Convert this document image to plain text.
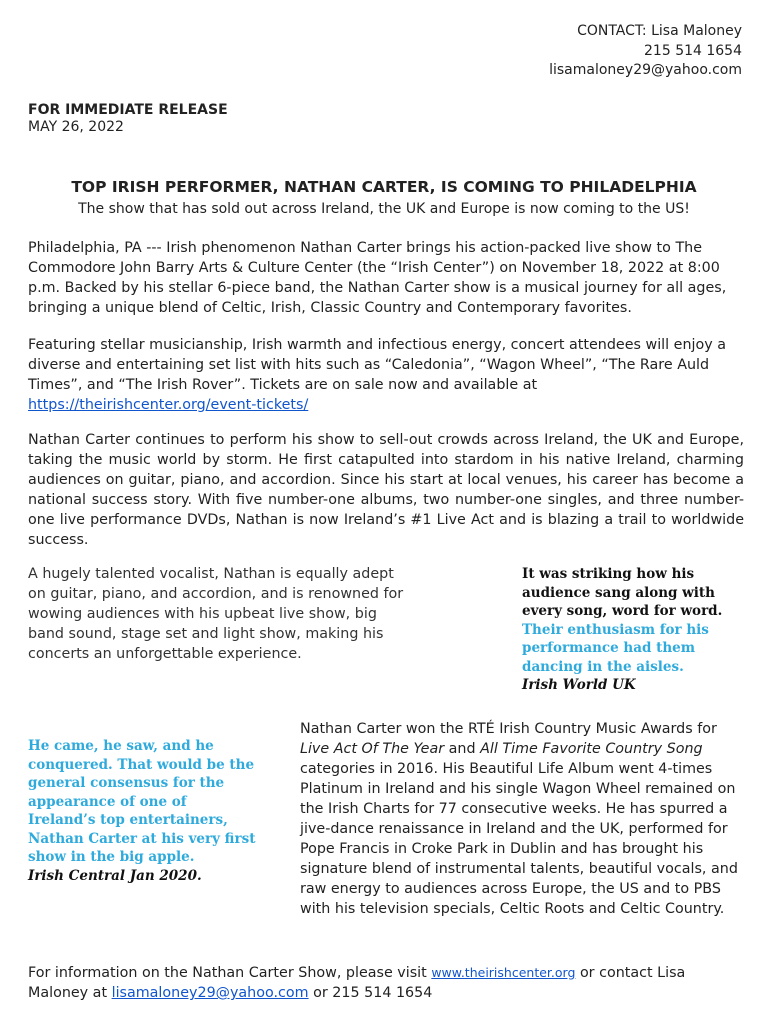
CONTACT: Lisa Maloney
215 514 1654
lisamaloney29@yahoo.com
FOR IMMEDIATE RELEASE
MAY 26, 2022
TOP IRISH PERFORMER, NATHAN CARTER, IS COMING TO PHILADELPHIA
The show that has sold out across Ireland, the UK and Europe is now coming to the US!

Philadelphia, PA --- Irish phenomenon Nathan Carter brings his action-packed live show to The Commodore John Barry Arts & Culture Center (the “Irish Center”) on November 18, 2022 at 8:00 p.m. Backed by his stellar 6-piece band, the Nathan Carter show is a musical journey for all ages, bringing a unique blend of Celtic, Irish, Classic Country and Contemporary favorites.

Featuring stellar musicianship, Irish warmth and infectious energy, concert attendees will enjoy a diverse and entertaining set list with hits such as “Caledonia”, “Wagon Wheel”, “The Rare Auld Times”, and “The Irish Rover”. Tickets are on sale now and available at
https://theirishcenter.org/event-tickets/

Nathan Carter continues to perform his show to sell-out crowds across Ireland, the UK and Europe, taking the music world by storm. He first catapulted into stardom in his native Ireland, charming audiences on guitar, piano, and accordion. Since his start at local venues, his career has become a national success story. With five number-one albums, two number-one singles, and three number-one live performance DVDs, Nathan is now Ireland’s #1 Live Act and is blazing a trail to worldwide success.

A hugely talented vocalist, Nathan is equally adept on guitar, piano, and accordion, and is renowned for wowing audiences with his upbeat live show, big band sound, stage set and light show, making his concerts an unforgettable experience.

It was striking how his audience sang along with every song, word for word. Their enthusiasm for his performance had them dancing in the aisles.
Irish World UK
He came, he saw, and he conquered. That would be the general consensus for the appearance of one of Ireland’s top entertainers, Nathan Carter at his very first show in the big apple.
Irish Central Jan 2020.

Nathan Carter won the RTÉ Irish Country Music Awards for Live Act Of The Year and All Time Favorite Country Song categories in 2016. His Beautiful Life Album went 4-times Platinum in Ireland and his single Wagon Wheel remained on the Irish Charts for 77 consecutive weeks. He has spurred a jive-dance renaissance in Ireland and the UK, performed for Pope Francis in Croke Park in Dublin and has brought his signature blend of instrumental talents, beautiful vocals, and raw energy to audiences across Europe, the US and to PBS with his television specials, Celtic Roots and Celtic Country.

For information on the Nathan Carter Show, please visit www.theirishcenter.org or contact Lisa Maloney at lisamaloney29@yahoo.com or 215 514 1654
